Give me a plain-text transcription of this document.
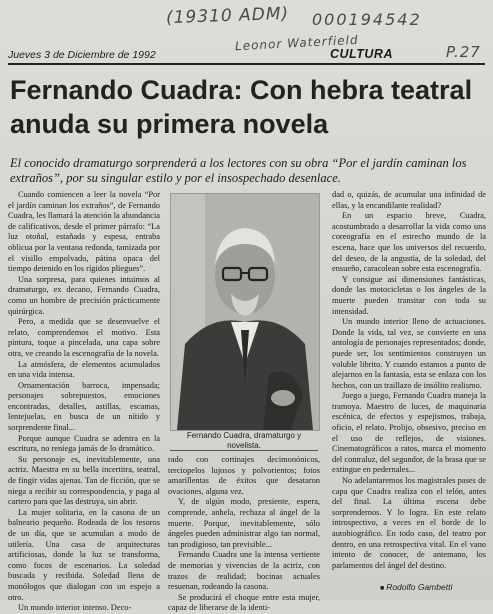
(19310 ADM) 000194542
Leonor Waterfield	P.27
Jueves 3 de Diciembre de 1992	CULTURA
Fernando Cuadra: Con hebra teatral anuda su primera novela

El conocido dramaturgo sorprenderá a los lectores con su obra “Por el jardín caminan los extraños”, por su singular estilo y por el insospechado desenlace.

Cuando comiencen a leer la novela “Por el jardín caminan los extraños”, de Fernando Cuadra, les llamará la atención la abundancia de calificativos, desde el primer párrafo: “La luz otoñal, estañada y espesa, entraba oblicua por la ventana redonda, tamizada por el visillo empolvado, pátina opaca del tiempo detenido en los rígidos pliegues”.

Una sorpresa, para quienes intuimos al dramaturgo, ex decano, Fernando Cuadra, como un hombre de precisión prácticamente quirúrgica.

Pero, a medida que se desenvuelve el relato, comprendemos el motivo. Esta pintura, toque a pincelada, una capa sobre otra, ve creando la escenografía de la novela.

La atmósfera, de elementos acumulados en una vida intensa.

Ornamentación barroca, impensada; personajes sobrepuestos, emociones encontradas, detalles, astillas, escamas, lentejuelas, en busca de un nítido y sorprendente final...

Porque aunque Cuadra se adentra en la escritura, no reniega jamás de lo dramático.

Su personaje es, inevitablemente, una actriz. Maestra en su bella incertitra, teatral, de fingir vidas ajenas. Tan de ficción, que se niega a recibir su correspondencia, y paga al cartero para que las destruya, sin abrir.

La mujer solitaria, en la casona de un balneario pequeño. Rodeada de los tesoros de un día, que se acumulan a modo de utilería. Una casa de arquitecturas artificiosas, donde la luz se transforma, como focos de escenarios. La soledad buscada y recibida. Soledad llena de monólogos que dialogan con un espejo a otro.

Un mundo interior intenso. Deco-

Fernando Cuadra, dramaturgo y novelista.

rado con cortinajes decimonónicos, terciopelos lujosos y polvorientos; fotos amarillentas de éxitos que desataron ovaciones, alguna vez.

Y, de algún modo, presiente, espera, comprende, anhela, rechaza al ángel de la muerte. Porque, inevitablemente, sólo ángeles pueden administrar algo tan normal, tan prodigioso, tan previsible...

Fernando Cuadra une la intensa vertiente de memorias y vivencias de la actriz, con trazos de realidad; bocinas actuales resuenan, rodeando la casona.

Se producirá el choque entre esta mujer, capaz de liberarse de la identi-

dad o, quizás, de acumular una infinidad de ellas, y la encandilante realidad?

En un espacio breve, Cuadra, acostumbrado a desarrollar la vida como una coreografía en el estrecho mundo de la escena, hace que los universos del recuerdo, del deseo, de la angustia, de la soledad, del ensueño, caracolean sobre esta escenografía.

Y consigue así dimensiones fantásticas, donde las motocicletas o los ángeles de la muerte pueden transitar con toda su intensidad.

Un mundo interior lleno de actuaciones. Donde la vida, tal vez, se convierte en una antología de personajes representados; donde, puede ser, los sentimientos construyen un voluble librito. Y cuando estamos a punto de alejarnos en la fantasía, esta se enlaza con los hechos, con un traillazo de insólito realismo.

Juego a juego, Fernando Cuadra maneja la tramoya. Maestro de luces, de maquinaria escénica, de efectos y espejismos, trabaja, oficio, el relato. Prolijo, obsesivo, preciso en el uso de reflejos, de visiones. Cinematográficos a ratos, marca el momento del contraluz, del segundor, de la brasa que se extingue en pedernales...

No adelantaremos los magistrales pases de capa que Cuadra realiza con el telón, antes del final. La última escena debe sorprendernos. Y lo logra. En este relato introspectivo, a veces en el borde de lo autobiográfico. En todo caso, del teatro por dentro, en una retrospectiva vital. En el vano intento de conocer, de antemano, los parlamentos del ángel del destino.

■ Rodolfo Gambetti
